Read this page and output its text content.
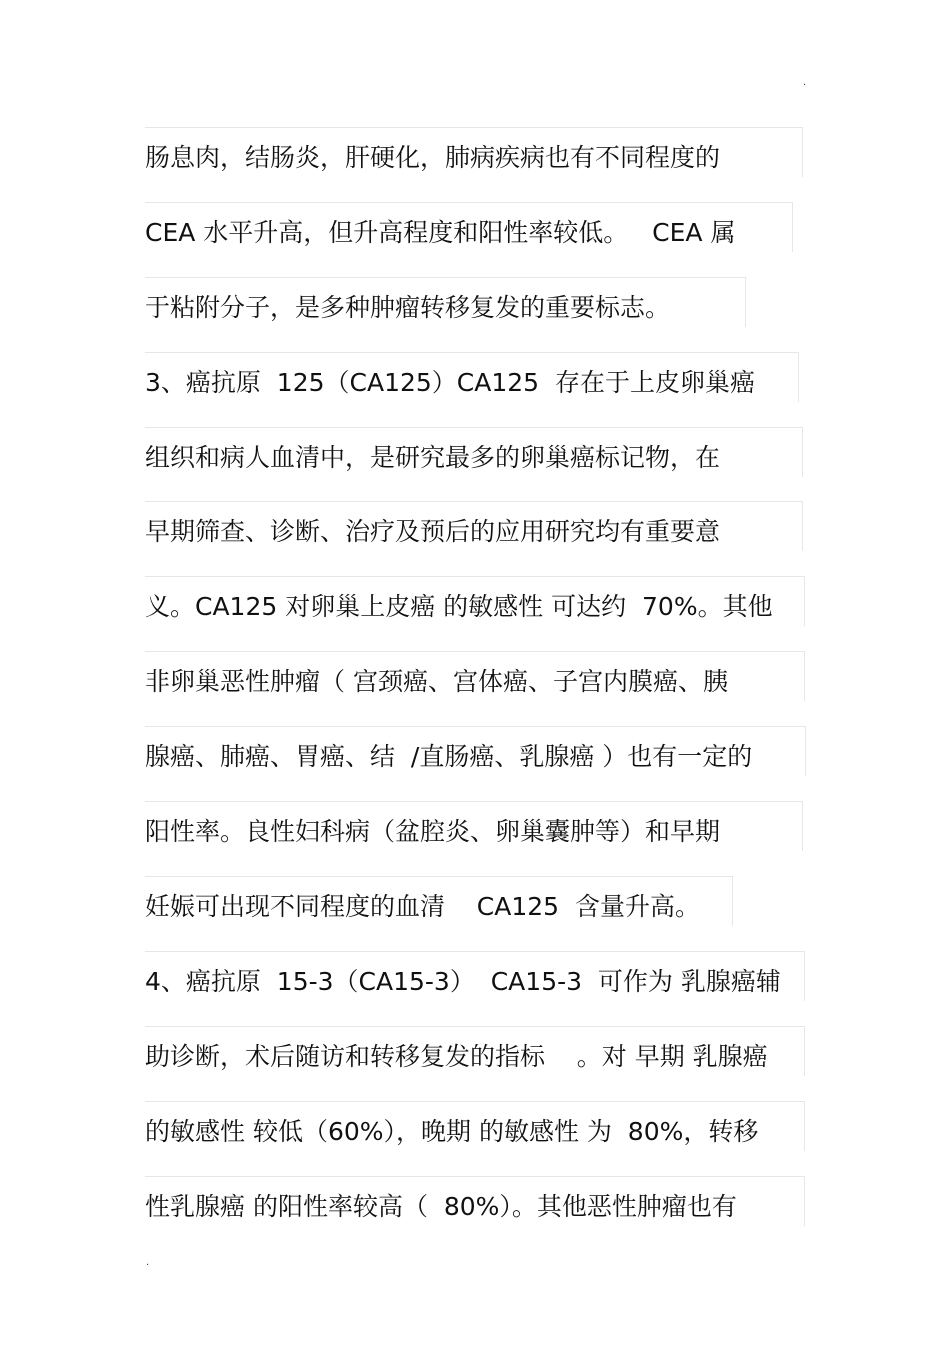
.
肠息肉，结肠炎，肝硬化，肺病疾病也有不同程度的
CEA 水平升高，但升高程度和阳性率较低。   CEA 属
于粘附分子，是多种肿瘤转移复发的重要标志。
3、癌抗原  125（CA125）CA125  存在于上皮卵巢癌
组织和病人血清中，是研究最多的卵巢癌标记物，在
早期筛查、诊断、治疗及预后的应用研究均有重要意
义。CA125 对卵巢上皮癌 的敏感性 可达约  70%。其他
非卵巢恶性肿瘤（ 宫颈癌、宫体癌、子宫内膜癌、胰
腺癌、肺癌、胃癌、结  /直肠癌、乳腺癌 ）也有一定的
阳性率。良性妇科病（盆腔炎、卵巢囊肿等）和早期
妊娠可出现不同程度的血清    CA125  含量升高。
4、癌抗原  15-3（CA15-3）  CA15-3  可作为 乳腺癌辅
助诊断，术后随访和转移复发的指标    。对 早期 乳腺癌
的敏感性 较低（60%），晚期 的敏感性 为  80%，转移
性乳腺癌 的阳性率较高（  80%）。其他恶性肿瘤也有
.
